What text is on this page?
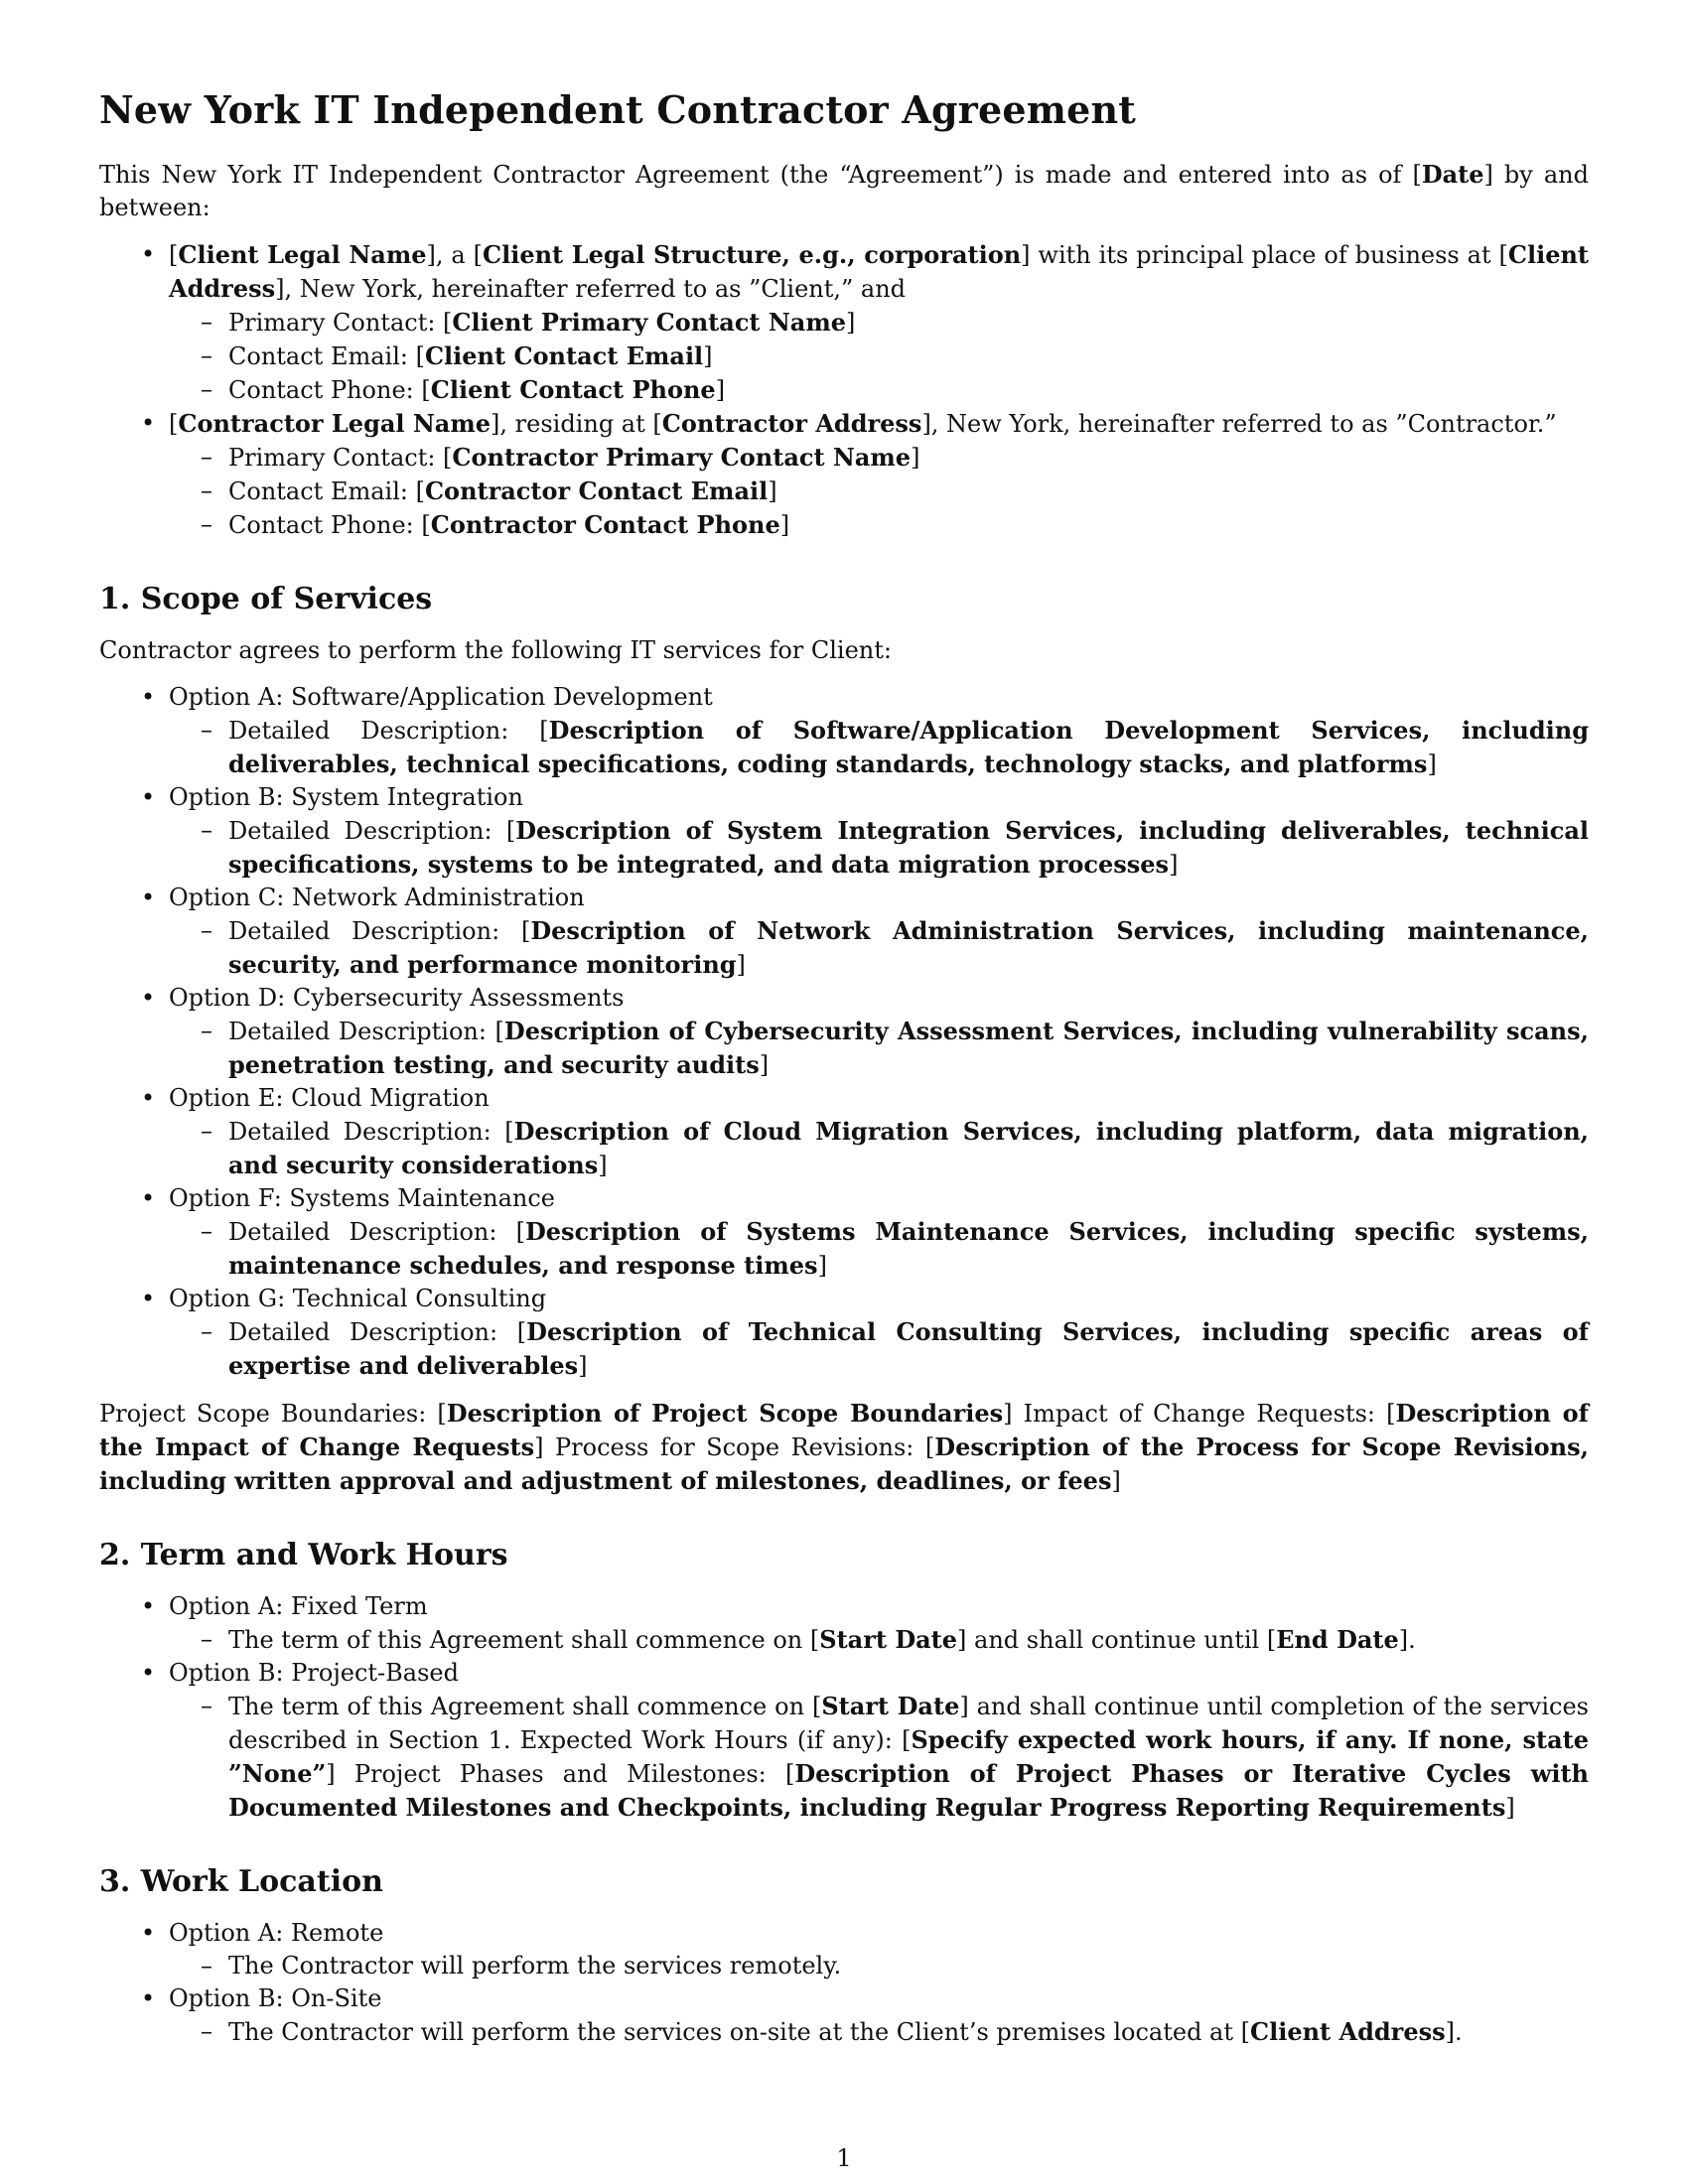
New York IT Independent Contractor Agreement

This New York IT Independent Contractor Agreement (the “Agreement”) is made and entered into as of [Date] by and between:

• [Client Legal Name], a [Client Legal Structure, e.g., corporation] with its principal place of business at [Client Address], New York, hereinafter referred to as ”Client,” and
– Primary Contact: [Client Primary Contact Name]
– Contact Email: [Client Contact Email]
– Contact Phone: [Client Contact Phone]
• [Contractor Legal Name], residing at [Contractor Address], New York, hereinafter referred to as ”Contractor.”
– Primary Contact: [Contractor Primary Contact Name]
– Contact Email: [Contractor Contact Email]
– Contact Phone: [Contractor Contact Phone]
1. Scope of Services

Contractor agrees to perform the following IT services for Client:

• Option A: Software/Application Development
– Detailed Description: [Description of Software/Application Development Services, including deliverables, technical specifications, coding standards, technology stacks, and platforms]
• Option B: System Integration
– Detailed Description: [Description of System Integration Services, including deliverables, technical specifications, systems to be integrated, and data migration processes]
• Option C: Network Administration
– Detailed Description: [Description of Network Administration Services, including maintenance, security, and performance monitoring]
• Option D: Cybersecurity Assessments
– Detailed Description: [Description of Cybersecurity Assessment Services, including vulnerability scans, penetration testing, and security audits]
• Option E: Cloud Migration
– Detailed Description: [Description of Cloud Migration Services, including platform, data migration, and security considerations]
• Option F: Systems Maintenance
– Detailed Description: [Description of Systems Maintenance Services, including specific systems, maintenance schedules, and response times]
• Option G: Technical Consulting
– Detailed Description: [Description of Technical Consulting Services, including specific areas of expertise and deliverables]

Project Scope Boundaries: [Description of Project Scope Boundaries] Impact of Change Requests: [Description of the Impact of Change Requests] Process for Scope Revisions: [Description of the Process for Scope Revisions, including written approval and adjustment of milestones, deadlines, or fees]

2. Term and Work Hours
• Option A: Fixed Term
– The term of this Agreement shall commence on [Start Date] and shall continue until [End Date].
• Option B: Project-Based
– The term of this Agreement shall commence on [Start Date] and shall continue until completion of the services described in Section 1. Expected Work Hours (if any): [Specify expected work hours, if any. If none, state ”None”] Project Phases and Milestones: [Description of Project Phases or Iterative Cycles with Documented Milestones and Checkpoints, including Regular Progress Reporting Requirements]
3. Work Location
• Option A: Remote
– The Contractor will perform the services remotely.
• Option B: On-Site
– The Contractor will perform the services on-site at the Client’s premises located at [Client Address].
1
